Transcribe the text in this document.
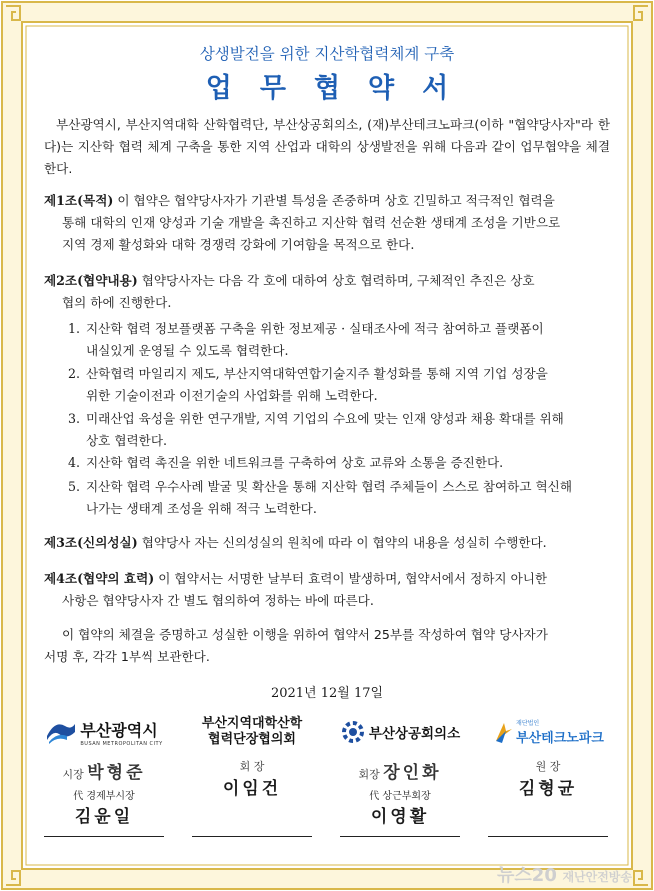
상생발전을 위한 지산학협력체계 구축
업무협약서
부산광역시, 부산지역대학 산학협력단, 부산상공회의소, (재)부산테크노파크(이하 "협약당사자"라 한다)는 지산학 협력 체계 구축을 통한 지역 산업과 대학의 상생발전을 위해 다음과 같이 업무협약을 체결한다.
제1조(목적) 이 협약은 협약당사자가 기관별 특성을 존중하며 상호 긴밀하고 적극적인 협력을
통해 대학의 인재 양성과 기술 개발을 촉진하고 지산학 협력 선순환 생태계 조성을 기반으로
지역 경제 활성화와 대학 경쟁력 강화에 기여함을 목적으로 한다.
제2조(협약내용) 협약당사자는 다음 각 호에 대하여 상호 협력하며, 구체적인 추진은 상호
협의 하에 진행한다.
1. 지산학 협력 정보플랫폼 구축을 위한 정보제공 · 실태조사에 적극 참여하고 플랫폼이
내실있게 운영될 수 있도록 협력한다.
2. 산학협력 마일리지 제도, 부산지역대학연합기술지주 활성화를 통해 지역 기업 성장을
위한 기술이전과 이전기술의 사업화를 위해 노력한다.
3. 미래산업 육성을 위한 연구개발, 지역 기업의 수요에 맞는 인재 양성과 채용 확대를 위해
상호 협력한다.
4. 지산학 협력 촉진을 위한 네트워크를 구축하여 상호 교류와 소통을 증진한다.
5. 지산학 협력 우수사례 발굴 및 확산을 통해 지산학 협력 주체들이 스스로 참여하고 혁신해
나가는 생태계 조성을 위해 적극 노력한다.
제3조(신의성실) 협약당사 자는 신의성실의 원칙에 따라 이 협약의 내용을 성실히 수행한다.
제4조(협약의 효력) 이 협약서는 서명한 날부터 효력이 발생하며, 협약서에서 정하지 아니한
사항은 협약당사자 간 별도 협의하여 정하는 바에 따른다.
이 협약의 체결을 증명하고 성실한 이행을 위하여 협약서 25부를 작성하여 협약 당사자가
서명 후, 각각 1부씩 보관한다.
2021년 12월 17일
부산광역시
BUSAN METROPOLITAN CITY
시장 박형준
代 경제부시장
김윤일
부산지역대학산학
협력단장협의회
회 장
이임건
부산상공회의소
회장 장인화
代 상근부회장
이영활
재단법인
부산테크노파크
원 장
김형균
뉴스20 재난안전방송
